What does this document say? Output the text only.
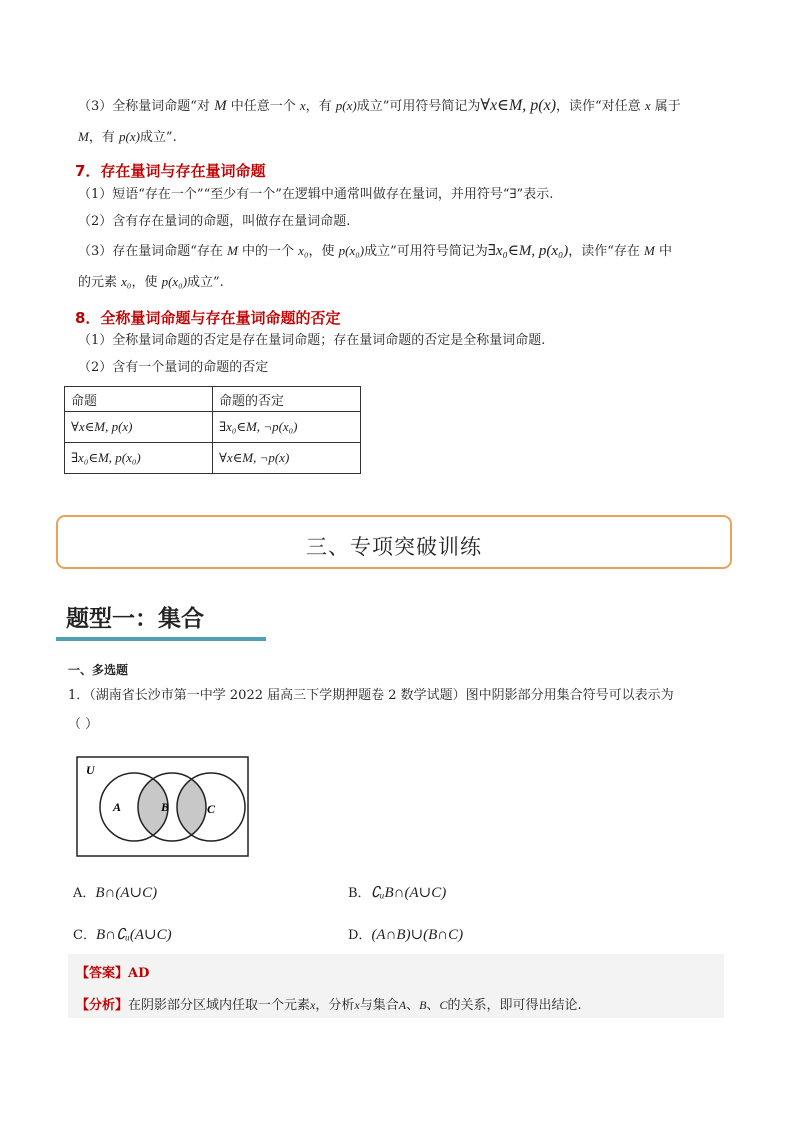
（3）全称量词命题“对 M 中任意一个 x，有 p(x)成立”可用符号简记为∀x∈M, p(x)，读作“对任意 x 属于
M，有 p(x)成立”.
7．存在量词与存在量词命题
（1）短语“存在一个”“至少有一个”在逻辑中通常叫做存在量词，并用符号“∃”表示.
（2）含有存在量词的命题，叫做存在量词命题.
（3）存在量词命题“存在 M 中的一个 x₀，使 p(x₀)成立”可用符号简记为∃x₀∈M, p(x₀)，读作“存在 M 中
的元素 x₀，使 p(x₀)成立”.
8．全称量词命题与存在量词命题的否定
（1）全称量词命题的否定是存在量词命题；存在量词命题的否定是全称量词命题.
（2）含有一个量词的命题的否定
命题	命题的否定
∀x∈M, p(x)	∃x₀∈M, ¬p(x₀)
∃x₀∈M, p(x₀)	∀x∈M, ¬p(x)
三、专项突破训练
题型一：集合
一、多选题
1．（湖南省长沙市第一中学 2022 届高三下学期押题卷 2 数学试题）图中阴影部分用集合符号可以表示为
（ ）
U
A	B	C
A．B∩(A∪C)	B．∁ᵤB∩(A∪C)
C．B∩∁ᵤ(A∪C)	D．(A∩B)∪(B∩C)
【答案】AD
【分析】在阴影部分区域内任取一个元素x，分析x与集合A、B、C的关系，即可得出结论.
